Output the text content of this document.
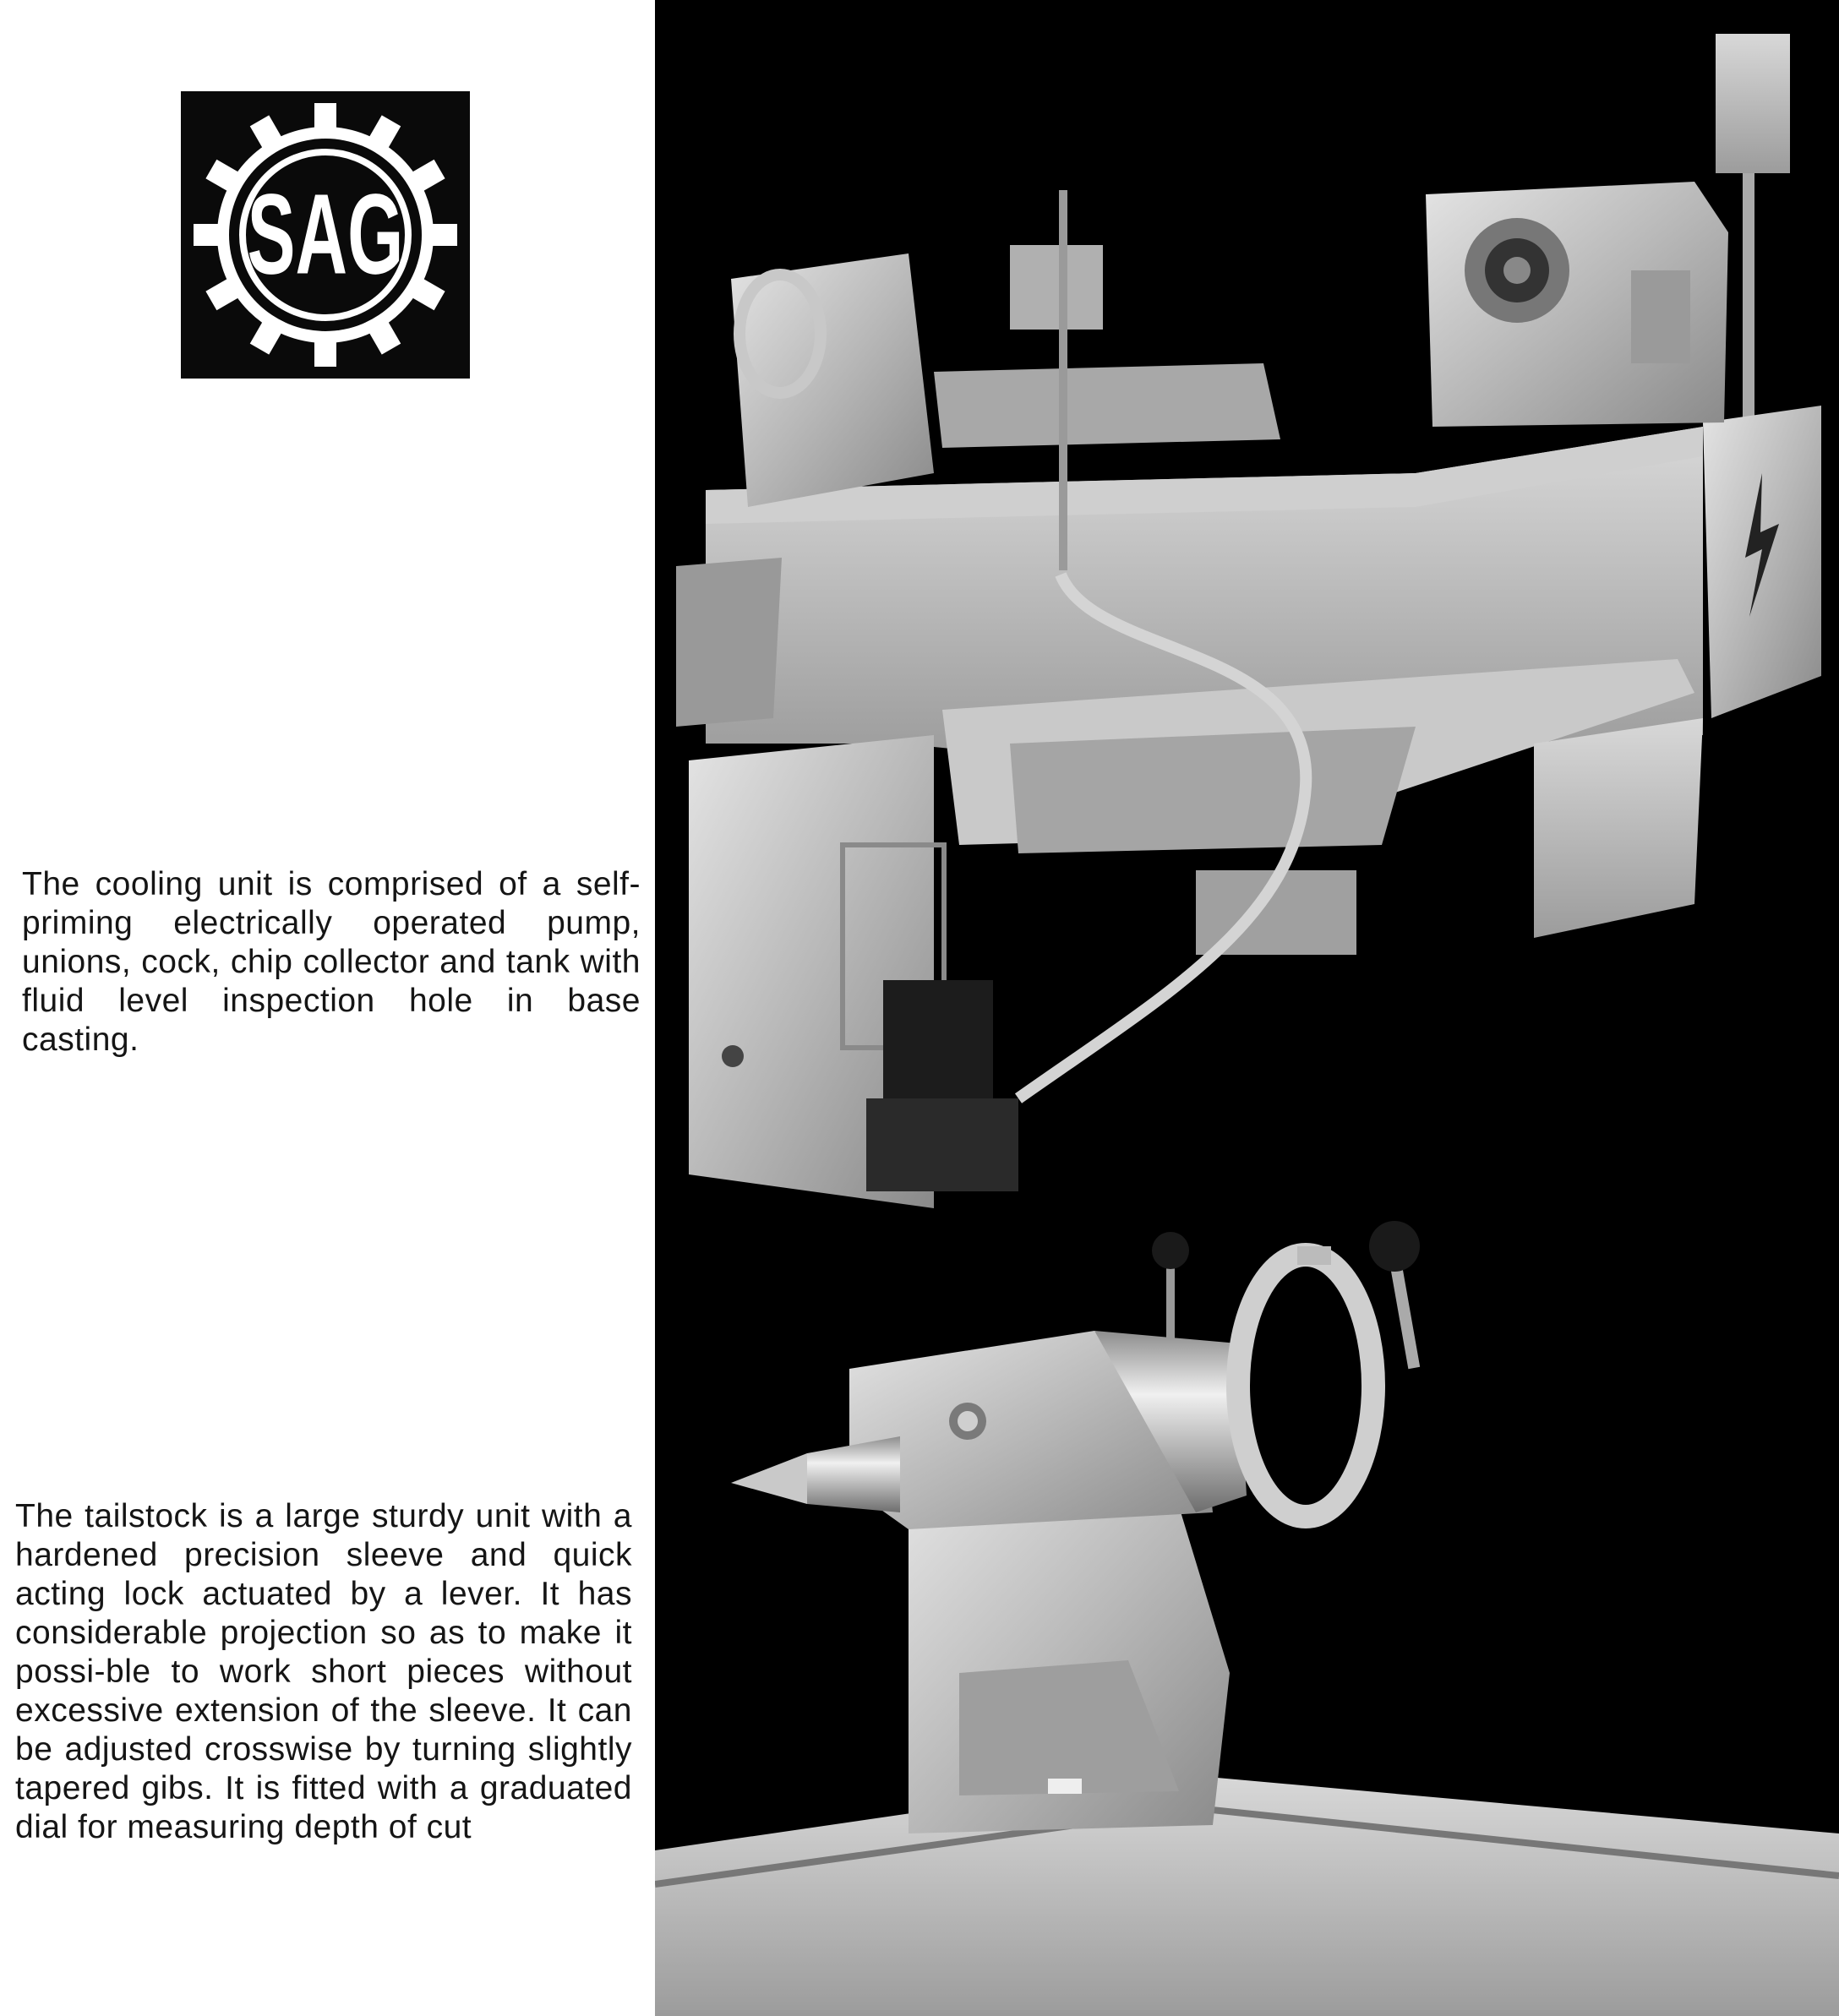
SAG

The cooling unit is comprised of a self-priming electrically operated pump, unions, cock, chip collector and tank with fluid level inspection hole in base casting.

The tailstock is a large sturdy unit with a hardened precision sleeve and quick acting lock actuated by a lever. It has considerable projection so as to make it possi-ble to work short pieces without excessive extension of the sleeve. It can be adjusted crosswise by turning slightly tapered gibs. It is fitted with a graduated dial for measuring depth of cut
